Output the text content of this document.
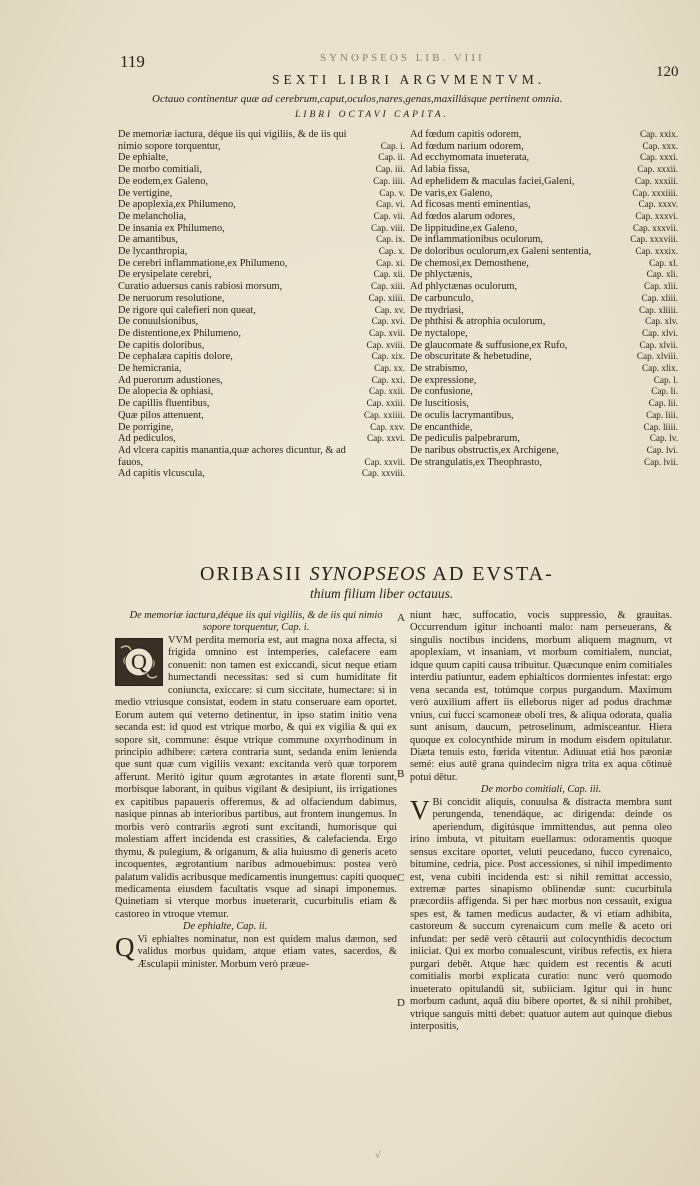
119	SYNOPSEOS LIB. VIII
120
SEXTI LIBRI ARGVMENTVM.
Octauo continentur quæ ad cerebrum,caput,oculos,nares,genas,maxillásque pertinent omnia.
LIBRI OCTAVI CAPITA.
De memoriæ iacturа, déque iis qui vigiliis, & de iis qui
nimio sopore torquentur,	Cap. i.
De ephialte,	Cap. ii.
De morbo comitiali,	Cap. iii.
De eodem,ex Galeno,	Cap. iiii.
De vertigine,	Cap. v.
De apoplexia,ex Philumeno,	Cap. vi.
De melancholia,	Cap. vii.
De insania ex Philumeno,	Cap. viii.
De amantibus,	Cap. ix.
De lycanthropia,	Cap. x.
De cerebri inflammatione,ex Philumeno,	Cap. xi.
De erysipelate cerebri,	Cap. xii.
Curatio aduersus canis rabiosi morsum,	Cap. xiii.
De neruorum resolutione,	Cap. xiiii.
De rigore qui calefieri non queat,	Cap. xv.
De conuulsionibus,	Cap. xvi.
De distentione,ex Philumeno,	Cap. xvii.
De capitis doloribus,	Cap. xviii.
De cephalæa capitis dolore,	Cap. xix.
De hemicrania,	Cap. xx.
Ad puerorum adustiones,	Cap. xxi.
De alopecia & ophiasi,	Cap. xxii.
De capillis fluentibus,	Cap. xxiii.
Quæ pilos attenuent,	Cap. xxiiii.
De porrigine,	Cap. xxv.
Ad pediculos,	Cap. xxvi.
Ad vlcera capitis manantia,quæ achores dicuntur, & ad
fauos,	Cap. xxvii.
Ad capitis vlcuscula,	Cap. xxviii.
Ad fœdum capitis odorem,	Cap. xxix.
Ad fœdum narium odorem,	Cap. xxx.
Ad ecchymomata inueterata,	Cap. xxxi.
Ad labia fissa,	Cap. xxxii.
Ad ephelidem & maculas faciei,Galeni,	Cap. xxxiii.
De varis,ex Galeno,	Cap. xxxiiii.
Ad ficosas menti eminentias,	Cap. xxxv.
Ad fœdos alarum odores,	Cap. xxxvi.
De lippitudine,ex Galeno,	Cap. xxxvii.
De inflammationibus oculorum,	Cap. xxxviii.
De doloribus oculorum,ex Galeni sententia,	Cap. xxxix.
De chemosi,ex Demosthene,	Cap. xl.
De phlyctænis,	Cap. xli.
Ad phlyctænas oculorum,	Cap. xlii.
De carbunculo,	Cap. xliii.
De mydriasi,	Cap. xliiii.
De phthisi & atrophia oculorum,	Cap. xlv.
De nyctalope,	Cap. xlvi.
De glaucomate & suffusione,ex Rufo,	Cap. xlvii.
De obscuritate & hebetudine,	Cap. xlviii.
De strabismo,	Cap. xlix.
De expressione,	Cap. l.
De confusione,	Cap. li.
De luscitiosis,	Cap. lii.
De oculis lacrymantibus,	Cap. liii.
De encanthide,	Cap. liiii.
De pediculis palpebrarum,	Cap. lv.
De naribus obstructis,ex Archigene,	Cap. lvi.
De strangulatis,ex Theophrasto,	Cap. lvii.
ORIBASII SYNOPSEOS AD EVSTA-
thium filium liber octauus.
De memoriæ iactura,déque iis qui vigiliis, & de iis qui nimio sopore torquentur, Cap. i.

Q
VVM perdita memoria est, aut magna noxa affecta, si frigida omnino est intemperies, calefacere eam conuenit: non tamen est exiccandi, sicut neque etiam humectandi necessitas: sed si cum humiditate fit coniuncta, exiccare: si cum siccitate, humectare: si in medio vtriusque consistat, eodem in statu conseruare eam oportet. Eorum autem qui veterno detinentur, in ipso statim initio vena secanda est: id quod est vtrique morbo, & qui ex vigilia & qui ex sopore sit, commune: ésque vtrique commune oxyrrhodinum in principio adhibere: cætera contraria sunt, sedanda enim lenienda que sunt quæ cum vigiliis vexant: excitanda verò quæ torporem afferunt. Meritò igitur quum ægrotantes in ætate florenti sunt, morbisque laborant, in quibus vigilant & desipiunt, iis irrigationes ex capitibus papaueris offeremus, & ad olfaciendum dabimus, nasique pinnas ab interioribus partibus, aut frontem inungemus. In morbis verò contrariis ægroti sunt excitandi, humorisque qui molestiam affert incidenda est crassities, & calefacienda. Ergo thymu, & pulegium, & origanum, & alia huiusmo di generis aceto incoquentes, ægrotantium naribus admouebimus: postea verò palatum validis acribusque medicamentis inungemus: capiti quoque medicamenta eiusdem facultatis vsque ad sinapi imponemus. Quinetiam si vterque morbus inueterarit, cucurbitulis etiam & castoreo in vtroque vtemur.

De ephialte, Cap. ii.

Q Vi ephialtes nominatur, non est quidem malus dæmon, sed validus morbus quidam, atque etiam vates, sacerdos, & Æsculapii minister. Morbum verò præue-

A
B
C
D

niunt hæc, suffocatio, vocis suppressio, & grauitas. Occurrendum igitur inchoanti malo: nam perseuerans, & singulis noctibus incidens, morbum aliquem magnum, vt apoplexiam, vt insaniam, vt morbum comitialem, nunciat, idque quum capiti causa tribuitur. Quæcunque enim comitiales interdiu patiuntur, eadem ephialticos dormientes infestat: ergo vena secanda est, totúmque corpus purgandum. Maximum verò auxilium affert iis elleborus niger ad podus drachmæ vnius, cui fucci scamoneæ oboli tres, & aliqua odorata, qualia sunt anisum, daucum, petroselinum, admisceantur. Hiera quoque ex colocynthide mirum in modum eisdem opitulatur. Diæta tenuis esto, fœrida vitentur. Adiuuat etiá hos pæoniæ semé: eius autē grana quindecim nigra trita ex aqua cōtinuè potui dētur.

De morbo comitiali, Cap. iii.

V Bi concidit aliquis, conuulsa & distracta membra sunt perungenda, tenendáque, ac dirigenda: deinde os aperiendum, digitúsque immittendus, aut penna oleo irino imbuta, vt pituitam euellamus: odoramentis quoque sensus excitare oportet, veluti peucedano, fucco cyrenaico, bitumine, cedria, pice. Post accessiones, si nihil impedimento est, vena cubiti incidenda est: si nihil remittat accessio, extremæ partes sinapismo oblinendæ sunt: cucurbitula præcordiis affigenda. Si per hæc morbus non cessauit, exigua spes est, & tamen medicus audacter, & vi etiam adhibita, castoreum & succum cyrenaicum cum melle & aceto ori infundat: per sedē verò cētaurii aut colocynthidis decoctum iniiciat. Qui ex morbo conualescunt, viribus refectis, ex hiera purgari debēt. Atque hæc quidem est recentis & acuti comitialis morbi explicata curatio: nunc verò quomodo inueterato opitulandū sit, subiiciam. Igitur qui in hunc morbum cadunt, aquā diu bibere oportet, & si nihil prohibet, vtrique sanguis mitti debet: quatuor autem aut quinque diebus interpositis,

√
